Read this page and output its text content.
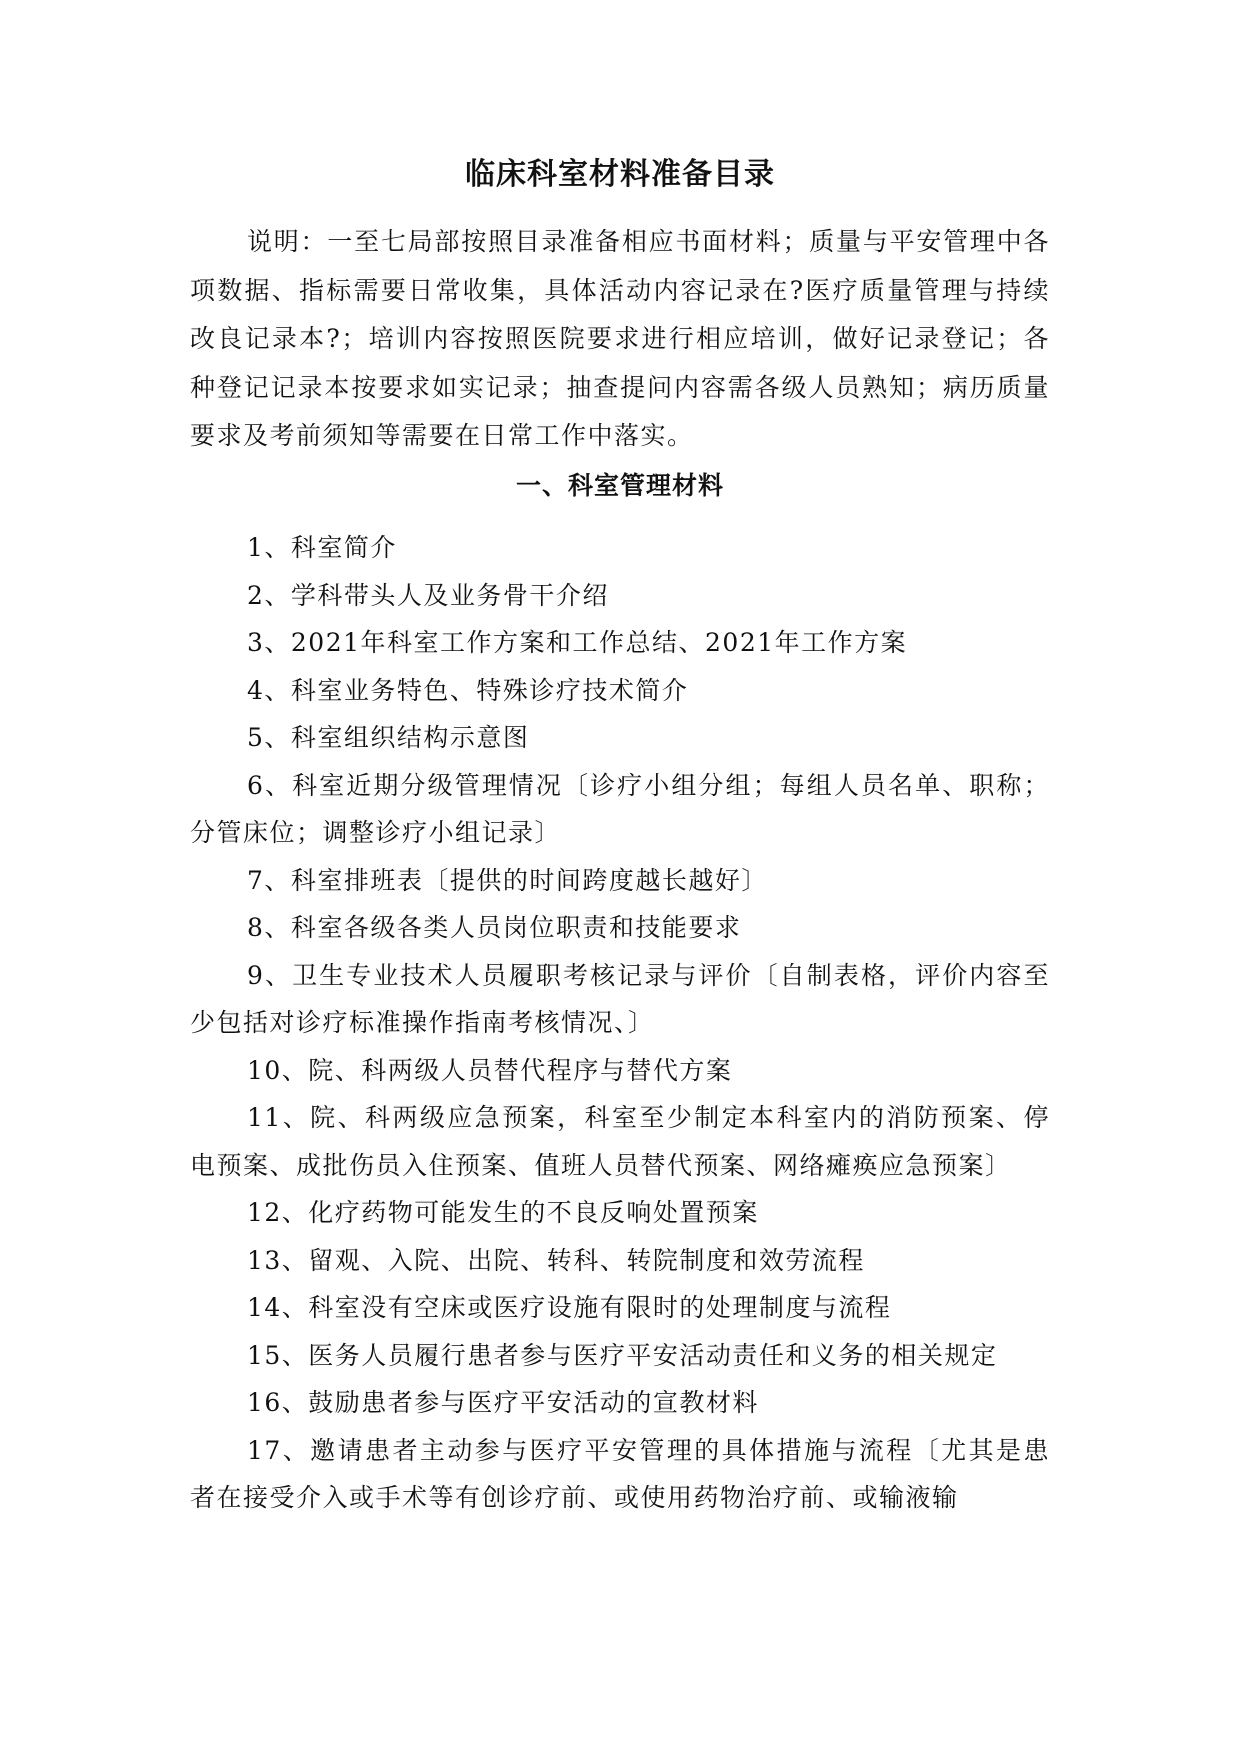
临床科室材料准备目录

说明：一至七局部按照目录准备相应书面材料；质量与平安管理中各项数据、指标需要日常收集，具体活动内容记录在?医疗质量管理与持续改良记录本?；培训内容按照医院要求进行相应培训，做好记录登记；各种登记记录本按要求如实记录；抽查提问内容需各级人员熟知；病历质量要求及考前须知等需要在日常工作中落实。

一、科室管理材料
1、科室简介
2、学科带头人及业务骨干介绍
3、2021年科室工作方案和工作总结、2021年工作方案
4、科室业务特色、特殊诊疗技术简介
5、科室组织结构示意图
6、科室近期分级管理情况〔诊疗小组分组；每组人员名单、职称；分管床位；调整诊疗小组记录〕
7、科室排班表〔提供的时间跨度越长越好〕
8、科室各级各类人员岗位职责和技能要求
9、卫生专业技术人员履职考核记录与评价〔自制表格，评价内容至少包括对诊疗标准操作指南考核情况、〕
10、院、科两级人员替代程序与替代方案
11、院、科两级应急预案，科室至少制定本科室内的消防预案、停电预案、成批伤员入住预案、值班人员替代预案、网络瘫痪应急预案〕
12、化疗药物可能发生的不良反响处置预案
13、留观、入院、出院、转科、转院制度和效劳流程
14、科室没有空床或医疗设施有限时的处理制度与流程
15、医务人员履行患者参与医疗平安活动责任和义务的相关规定
16、鼓励患者参与医疗平安活动的宣教材料
17、邀请患者主动参与医疗平安管理的具体措施与流程〔尤其是患者在接受介入或手术等有创诊疗前、或使用药物治疗前、或输液输
